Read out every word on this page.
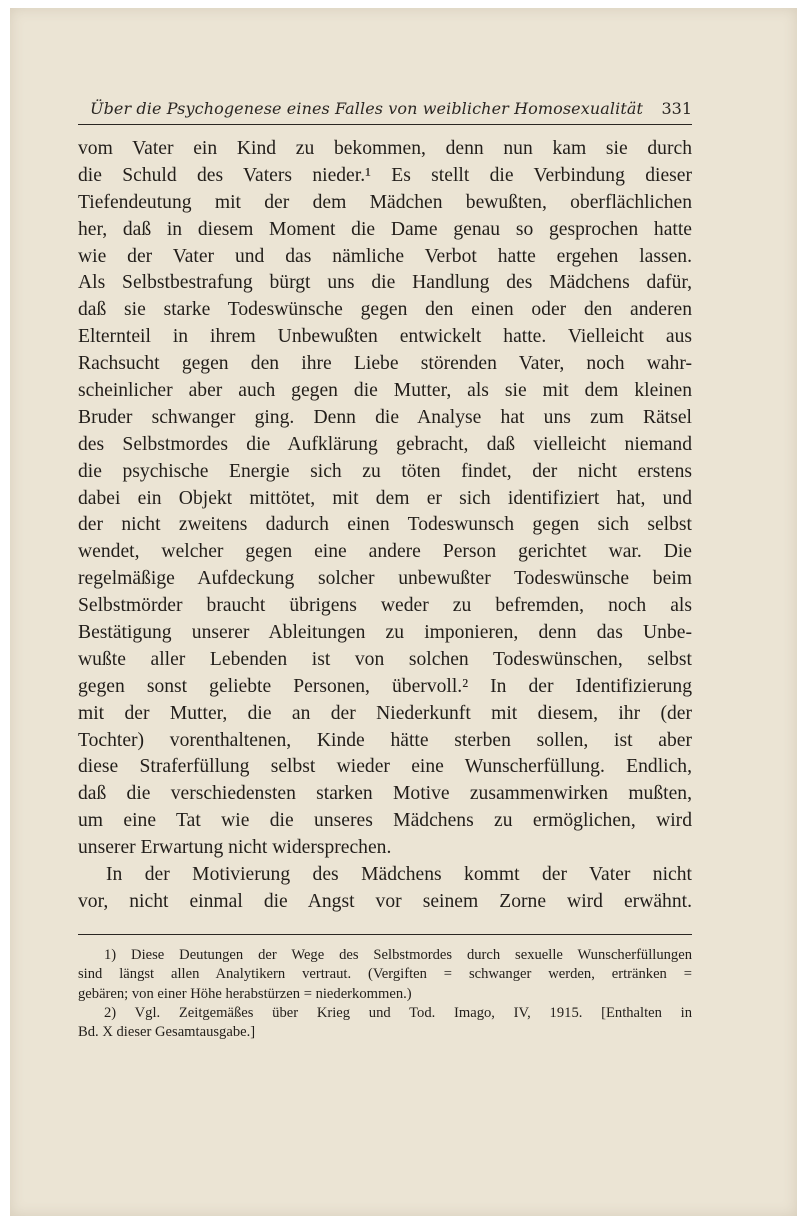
Über die Psychogenese eines Falles von weiblicher Homosexualität 331
vom Vater ein Kind zu bekommen, denn nun kam sie durch
die Schuld des Vaters nieder.¹ Es stellt die Verbindung dieser
Tiefendeutung mit der dem Mädchen bewußten, oberflächlichen
her, daß in diesem Moment die Dame genau so gesprochen hatte
wie der Vater und das nämliche Verbot hatte ergehen lassen.
Als Selbstbestrafung bürgt uns die Handlung des Mädchens dafür,
daß sie starke Todeswünsche gegen den einen oder den anderen
Elternteil in ihrem Unbewußten entwickelt hatte. Vielleicht aus
Rachsucht gegen den ihre Liebe störenden Vater, noch wahr-
scheinlicher aber auch gegen die Mutter, als sie mit dem kleinen
Bruder schwanger ging. Denn die Analyse hat uns zum Rätsel
des Selbstmordes die Aufklärung gebracht, daß vielleicht niemand
die psychische Energie sich zu töten findet, der nicht erstens
dabei ein Objekt mittötet, mit dem er sich identifiziert hat, und
der nicht zweitens dadurch einen Todeswunsch gegen sich selbst
wendet, welcher gegen eine andere Person gerichtet war. Die
regelmäßige Aufdeckung solcher unbewußter Todeswünsche beim
Selbstmörder braucht übrigens weder zu befremden, noch als
Bestätigung unserer Ableitungen zu imponieren, denn das Unbe-
wußte aller Lebenden ist von solchen Todeswünschen, selbst
gegen sonst geliebte Personen, übervoll.² In der Identifizierung
mit der Mutter, die an der Niederkunft mit diesem, ihr (der
Tochter) vorenthaltenen, Kinde hätte sterben sollen, ist aber
diese Straferfüllung selbst wieder eine Wunscherfüllung. Endlich,
daß die verschiedensten starken Motive zusammenwirken mußten,
um eine Tat wie die unseres Mädchens zu ermöglichen, wird
unserer Erwartung nicht widersprechen.
In der Motivierung des Mädchens kommt der Vater nicht
vor, nicht einmal die Angst vor seinem Zorne wird erwähnt.
1) Diese Deutungen der Wege des Selbstmordes durch sexuelle Wunscherfüllungen
sind längst allen Analytikern vertraut. (Vergiften = schwanger werden, ertränken =
gebären; von einer Höhe herabstürzen = niederkommen.)
2) Vgl. Zeitgemäßes über Krieg und Tod. Imago, IV, 1915. [Enthalten in
Bd. X dieser Gesamtausgabe.]
